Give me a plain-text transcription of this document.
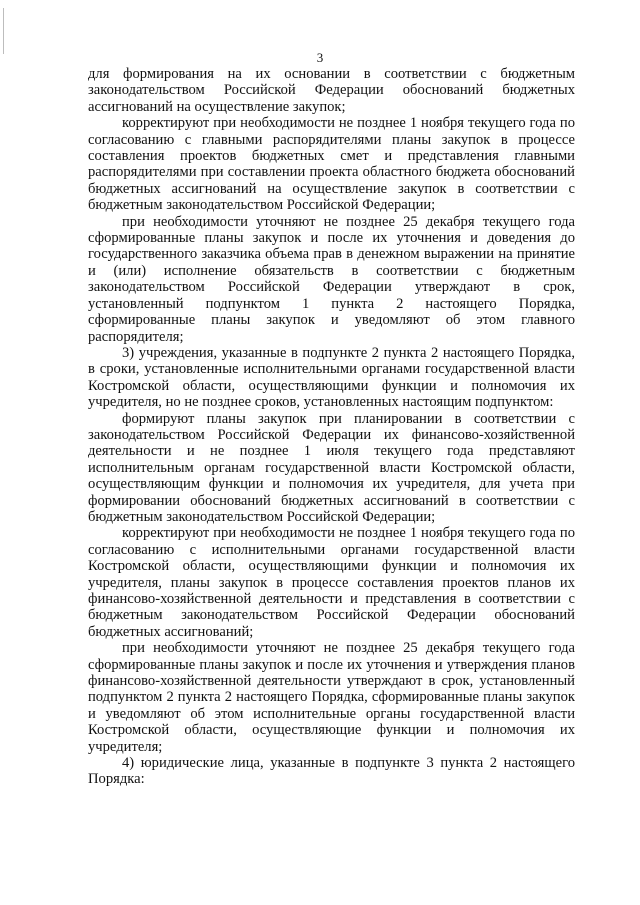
3

для формирования на их основании в соответствии с бюджетным законодательством Российской Федерации обоснований бюджетных ассигнований на осуществление закупок;

корректируют при необходимости не позднее 1 ноября текущего года по согласованию с главными распорядителями планы закупок в процессе составления проектов бюджетных смет и представления главными распорядителями при составлении проекта областного бюджета обоснований бюджетных ассигнований на осуществление закупок в соответствии с бюджетным законодательством Российской Федерации;

при необходимости уточняют не позднее 25 декабря текущего года сформированные планы закупок и после их уточнения и доведения до государственного заказчика объема прав в денежном выражении на принятие и (или) исполнение обязательств в соответствии с бюджетным законодательством Российской Федерации утверждают в срок, установленный подпунктом 1 пункта 2 настоящего Порядка, сформированные планы закупок и уведомляют об этом главного распорядителя;

3) учреждения, указанные в подпункте 2 пункта 2 настоящего Порядка, в сроки, установленные исполнительными органами государственной власти Костромской области, осуществляющими функции и полномочия их учредителя, но не позднее сроков, установленных настоящим подпунктом:

формируют планы закупок при планировании в соответствии с законодательством Российской Федерации их финансово-хозяйственной деятельности и не позднее 1 июля текущего года представляют исполнительным органам государственной власти Костромской области, осуществляющим функции и полномочия их учредителя, для учета при формировании обоснований бюджетных ассигнований в соответствии с бюджетным законодательством Российской Федерации;

корректируют при необходимости не позднее 1 ноября текущего года по согласованию с исполнительными органами государственной власти Костромской области, осуществляющими функции и полномочия их учредителя, планы закупок в процессе составления проектов планов их финансово-хозяйственной деятельности и представления в соответствии с бюджетным законодательством Российской Федерации обоснований бюджетных ассигнований;

при необходимости уточняют не позднее 25 декабря текущего года сформированные планы закупок и после их уточнения и утверждения планов финансово-хозяйственной деятельности утверждают в срок, установленный подпунктом 2 пункта 2 настоящего Порядка, сформированные планы закупок и уведомляют об этом исполнительные органы государственной власти Костромской области, осуществляющие функции и полномочия их учредителя;

4) юридические лица, указанные в подпункте 3 пункта 2 настоящего Порядка:
